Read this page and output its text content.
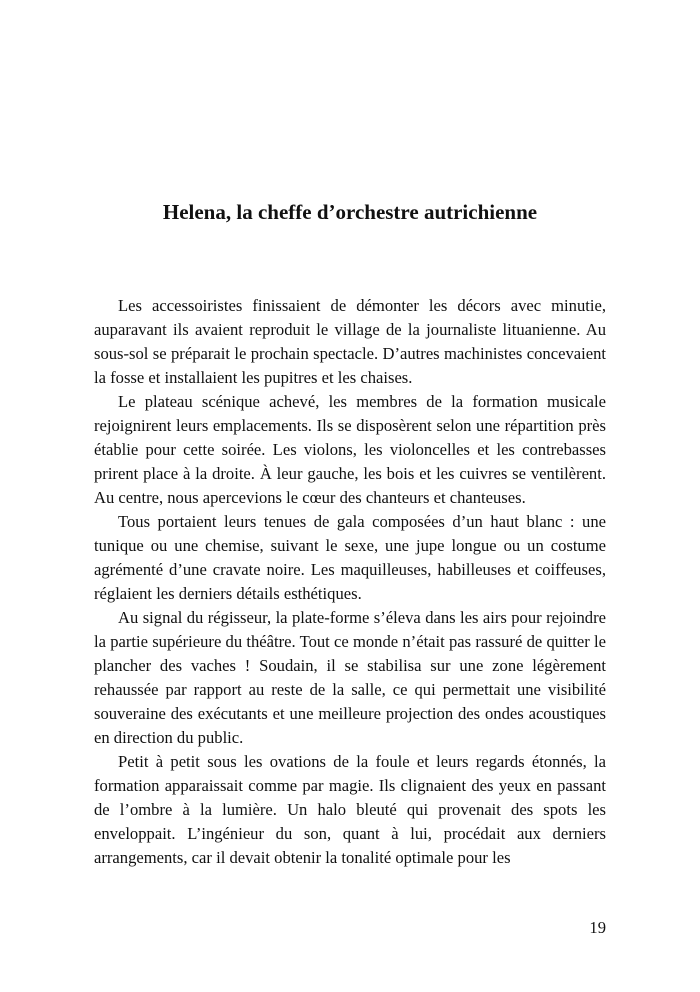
Helena, la cheffe d’orchestre autrichienne

Les accessoiristes finissaient de démonter les décors avec minutie, auparavant ils avaient reproduit le village de la journaliste lituanienne. Au sous-sol se préparait le prochain spectacle. D’autres machinistes concevaient la fosse et installaient les pupitres et les chaises.

Le plateau scénique achevé, les membres de la formation musicale rejoignirent leurs emplacements. Ils se disposèrent selon une répartition près établie pour cette soirée. Les violons, les violoncelles et les contrebasses prirent place à la droite. À leur gauche, les bois et les cuivres se ventilèrent. Au centre, nous apercevions le cœur des chanteurs et chanteuses.

Tous portaient leurs tenues de gala composées d’un haut blanc : une tunique ou une chemise, suivant le sexe, une jupe longue ou un costume agrémenté d’une cravate noire. Les maquilleuses, habilleuses et coiffeuses, réglaient les derniers détails esthétiques.

Au signal du régisseur, la plate-forme s’éleva dans les airs pour rejoindre la partie supérieure du théâtre. Tout ce monde n’était pas rassuré de quitter le plancher des vaches ! Soudain, il se stabilisa sur une zone légèrement rehaussée par rapport au reste de la salle, ce qui permettait une visibilité souveraine des exécutants et une meilleure projection des ondes acoustiques en direction du public.

Petit à petit sous les ovations de la foule et leurs regards étonnés, la formation apparaissait comme par magie. Ils clignaient des yeux en passant de l’ombre à la lumière. Un halo bleuté qui provenait des spots les enveloppait. L’ingénieur du son, quant à lui, procédait aux derniers arrangements, car il devait obtenir la tonalité optimale pour les

19
